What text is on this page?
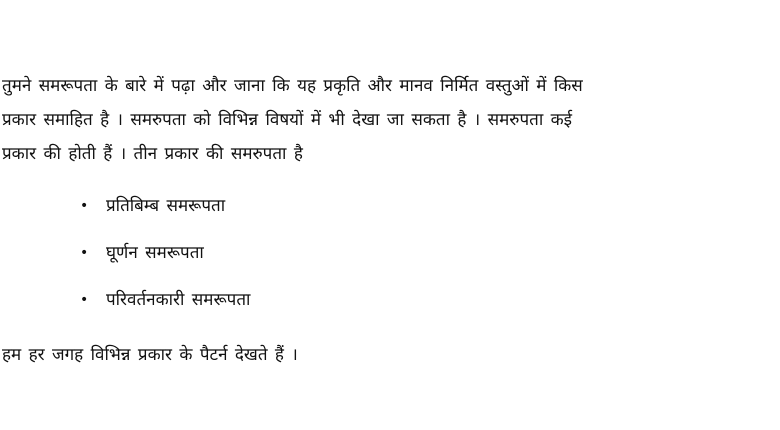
तुमने समरूपता के बारे में पढ़ा और जाना कि यह प्रकृति और मानव निर्मित वस्तुओं में किस
प्रकार समाहित है । समरुपता को विभिन्न विषयों में भी देखा जा सकता है । समरुपता कई
प्रकार की होती हैं । तीन प्रकार की समरुपता है

• प्रतिबिम्ब समरूपता
• घूर्णन समरूपता
• परिवर्तनकारी समरूपता

हम हर जगह विभिन्न प्रकार के पैटर्न देखते हैं ।
